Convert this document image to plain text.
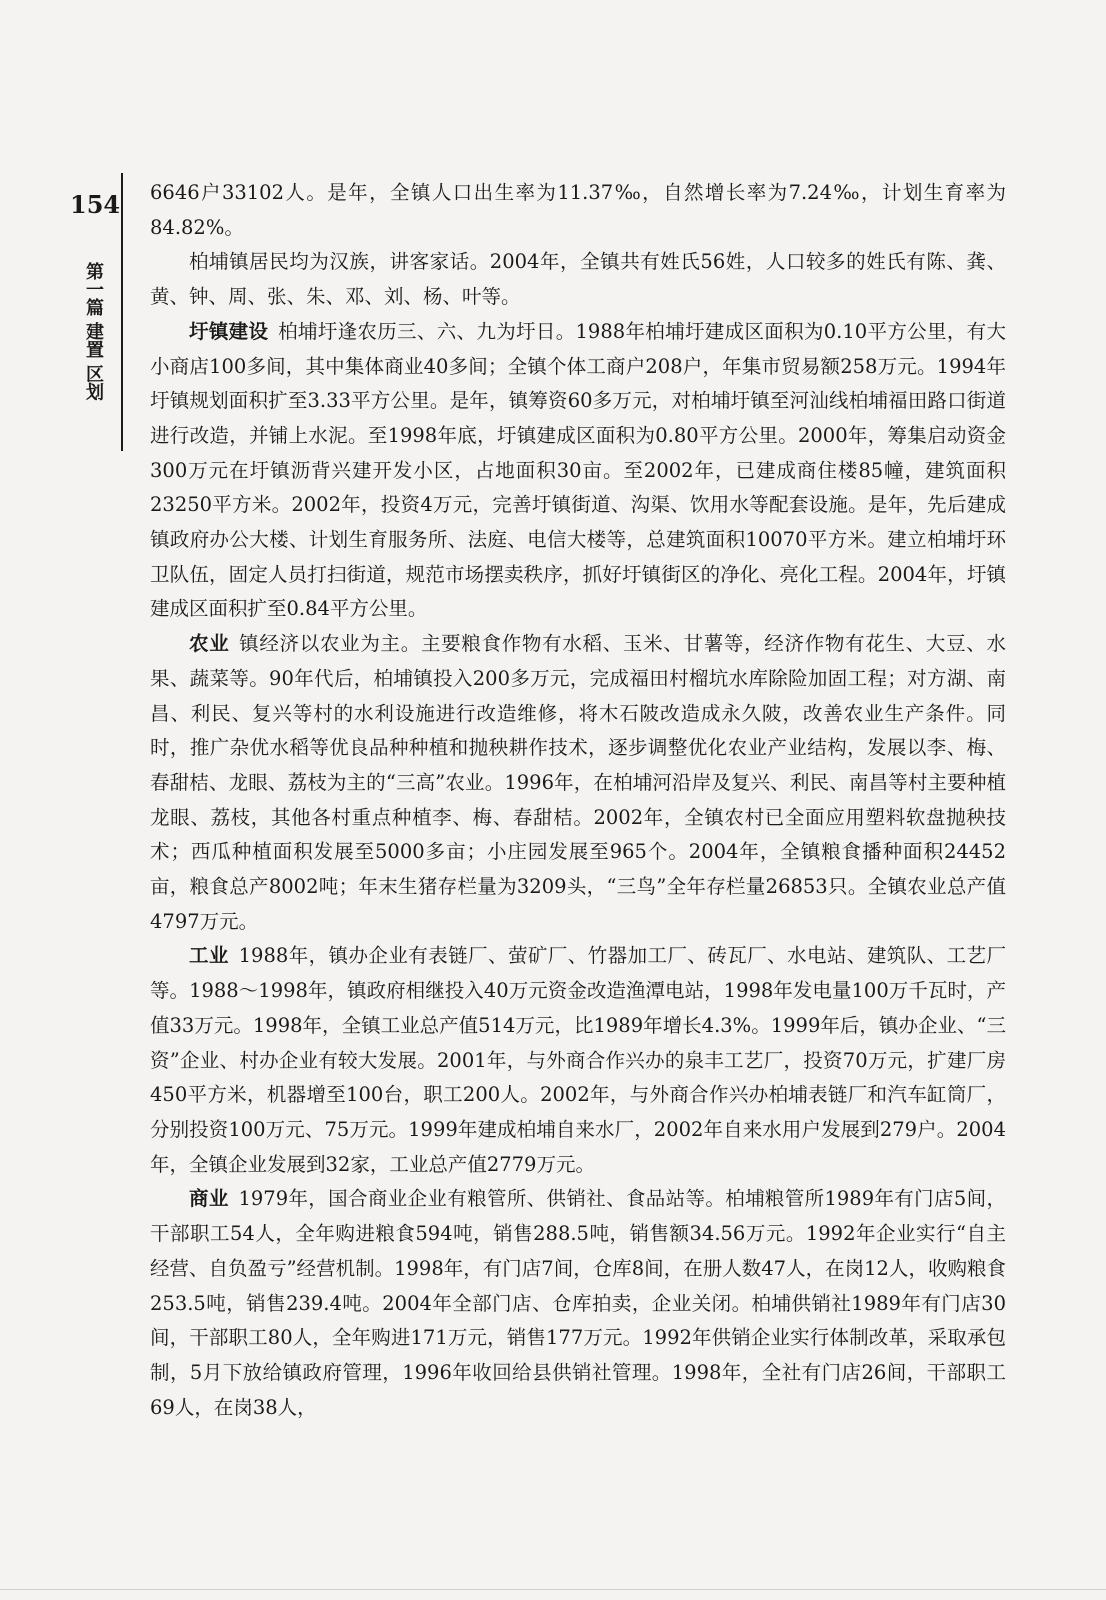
154
第一篇 建置 区划

6646户33102人。是年，全镇人口出生率为11.37‰，自然增长率为7.24‰，计划生育率为84.82%。

柏埔镇居民均为汉族，讲客家话。2004年，全镇共有姓氏56姓，人口较多的姓氏有陈、龚、黄、钟、周、张、朱、邓、刘、杨、叶等。

圩镇建设 柏埔圩逢农历三、六、九为圩日。1988年柏埔圩建成区面积为0.10平方公里，有大小商店100多间，其中集体商业40多间；全镇个体工商户208户，年集市贸易额258万元。1994年圩镇规划面积扩至3.33平方公里。是年，镇筹资60多万元，对柏埔圩镇至河汕线柏埔福田路口街道进行改造，并铺上水泥。至1998年底，圩镇建成区面积为0.80平方公里。2000年，筹集启动资金300万元在圩镇沥背兴建开发小区，占地面积30亩。至2002年，已建成商住楼85幢，建筑面积23250平方米。2002年，投资4万元，完善圩镇街道、沟渠、饮用水等配套设施。是年，先后建成镇政府办公大楼、计划生育服务所、法庭、电信大楼等，总建筑面积10070平方米。建立柏埔圩环卫队伍，固定人员打扫街道，规范市场摆卖秩序，抓好圩镇街区的净化、亮化工程。2004年，圩镇建成区面积扩至0.84平方公里。

农业 镇经济以农业为主。主要粮食作物有水稻、玉米、甘薯等，经济作物有花生、大豆、水果、蔬菜等。90年代后，柏埔镇投入200多万元，完成福田村榴坑水库除险加固工程；对方湖、南昌、利民、复兴等村的水利设施进行改造维修，将木石陂改造成永久陂，改善农业生产条件。同时，推广杂优水稻等优良品种种植和抛秧耕作技术，逐步调整优化农业产业结构，发展以李、梅、春甜桔、龙眼、荔枝为主的“三高”农业。1996年，在柏埔河沿岸及复兴、利民、南昌等村主要种植龙眼、荔枝，其他各村重点种植李、梅、春甜桔。2002年，全镇农村已全面应用塑料软盘抛秧技术；西瓜种植面积发展至5000多亩；小庄园发展至965个。2004年，全镇粮食播种面积24452亩，粮食总产8002吨；年末生猪存栏量为3209头，“三鸟”全年存栏量26853只。全镇农业总产值4797万元。

工业 1988年，镇办企业有表链厂、萤矿厂、竹器加工厂、砖瓦厂、水电站、建筑队、工艺厂等。1988～1998年，镇政府相继投入40万元资金改造渔潭电站，1998年发电量100万千瓦时，产值33万元。1998年，全镇工业总产值514万元，比1989年增长4.3%。1999年后，镇办企业、“三资”企业、村办企业有较大发展。2001年，与外商合作兴办的泉丰工艺厂，投资70万元，扩建厂房450平方米，机器增至100台，职工200人。2002年，与外商合作兴办柏埔表链厂和汽车缸筒厂，分别投资100万元、75万元。1999年建成柏埔自来水厂，2002年自来水用户发展到279户。2004年，全镇企业发展到32家，工业总产值2779万元。

商业 1979年，国合商业企业有粮管所、供销社、食品站等。柏埔粮管所1989年有门店5间，干部职工54人，全年购进粮食594吨，销售288.5吨，销售额34.56万元。1992年企业实行“自主经营、自负盈亏”经营机制。1998年，有门店7间，仓库8间，在册人数47人，在岗12人，收购粮食253.5吨，销售239.4吨。2004年全部门店、仓库拍卖，企业关闭。柏埔供销社1989年有门店30间，干部职工80人，全年购进171万元，销售177万元。1992年供销企业实行体制改革，采取承包制，5月下放给镇政府管理，1996年收回给县供销社管理。1998年，全社有门店26间，干部职工69人，在岗38人，
